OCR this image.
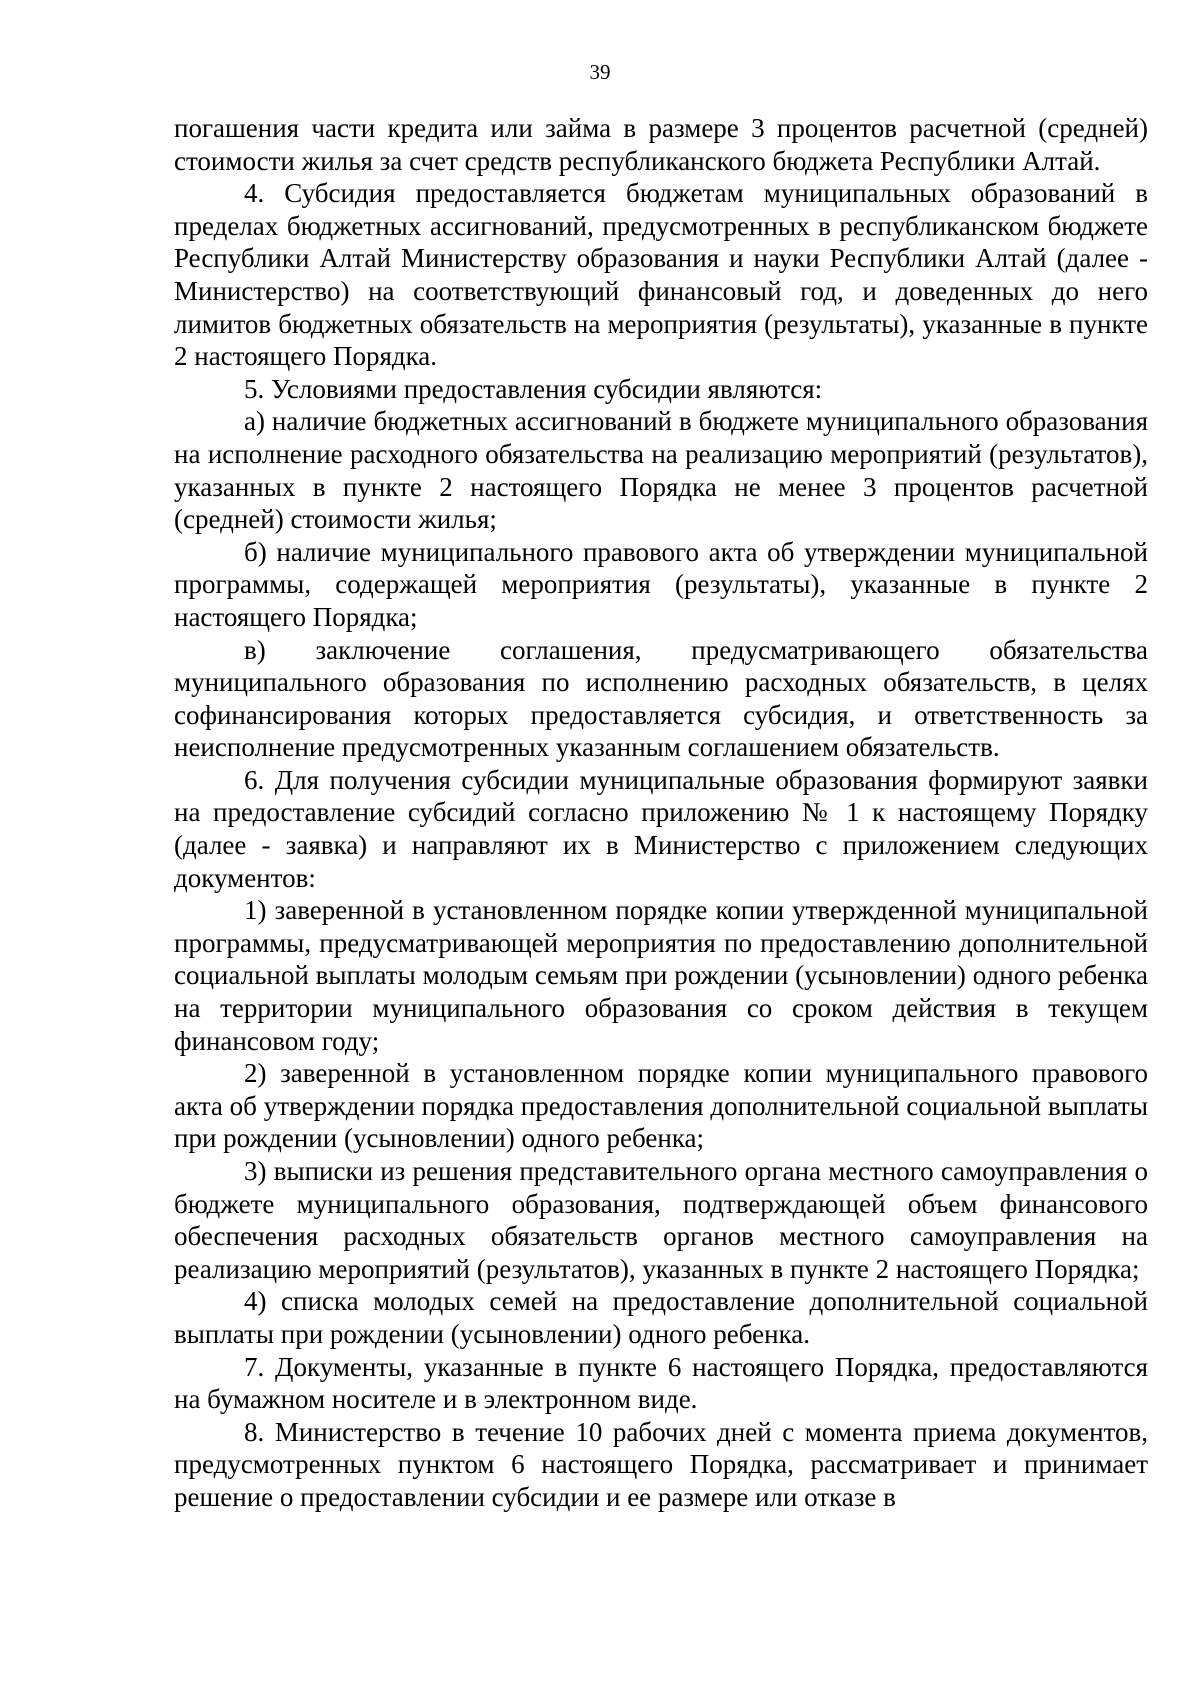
39

погашения части кредита или займа в размере 3 процентов расчетной (средней) стоимости жилья за счет средств республиканского бюджета Республики Алтай.

4. Субсидия предоставляется бюджетам муниципальных образований в пределах бюджетных ассигнований, предусмотренных в республиканском бюджете Республики Алтай Министерству образования и науки Республики Алтай (далее - Министерство) на соответствующий финансовый год, и доведенных до него лимитов бюджетных обязательств на мероприятия (результаты), указанные в пункте 2 настоящего Порядка.

5. Условиями предоставления субсидии являются:

а) наличие бюджетных ассигнований в бюджете муниципального образования на исполнение расходного обязательства на реализацию мероприятий (результатов), указанных в пункте 2 настоящего Порядка не менее 3 процентов расчетной (средней) стоимости жилья;

б) наличие муниципального правового акта об утверждении муниципальной программы, содержащей мероприятия (результаты), указанные в пункте 2 настоящего Порядка;

в) заключение соглашения, предусматривающего обязательства муниципального образования по исполнению расходных обязательств, в целях софинансирования которых предоставляется субсидия, и ответственность за неисполнение предусмотренных указанным соглашением обязательств.

6. Для получения субсидии муниципальные образования формируют заявки на предоставление субсидий согласно приложению № 1 к настоящему Порядку (далее - заявка) и направляют их в Министерство с приложением следующих документов:

1) заверенной в установленном порядке копии утвержденной муниципальной программы, предусматривающей мероприятия по предоставлению дополнительной социальной выплаты молодым семьям при рождении (усыновлении) одного ребенка на территории муниципального образования со сроком действия в текущем финансовом году;

2) заверенной в установленном порядке копии муниципального правового акта об утверждении порядка предоставления дополнительной социальной выплаты при рождении (усыновлении) одного ребенка;

3) выписки из решения представительного органа местного самоуправления о бюджете муниципального образования, подтверждающей объем финансового обеспечения расходных обязательств органов местного самоуправления на реализацию мероприятий (результатов), указанных в пункте 2 настоящего Порядка;

4) списка молодых семей на предоставление дополнительной социальной выплаты при рождении (усыновлении) одного ребенка.

7. Документы, указанные в пункте 6 настоящего Порядка, предоставляются на бумажном носителе и в электронном виде.

8. Министерство в течение 10 рабочих дней с момента приема документов, предусмотренных пунктом 6 настоящего Порядка, рассматривает и принимает решение о предоставлении субсидии и ее размере или отказе в
